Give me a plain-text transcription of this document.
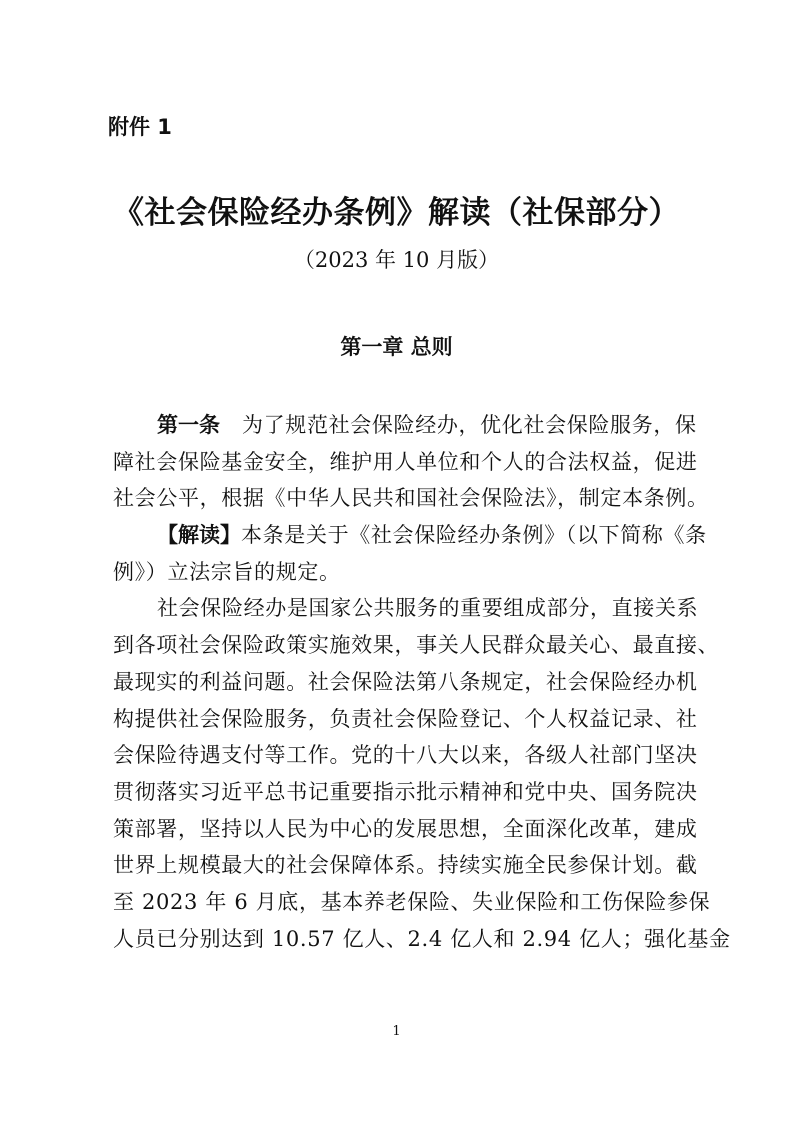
附件 1
《社会保险经办条例》解读（社保部分）
（2023 年 10 月版）
第一章 总则
第一条 为了规范社会保险经办，优化社会保险服务，保
障社会保险基金安全，维护用人单位和个人的合法权益，促进
社会公平，根据《中华人民共和国社会保险法》，制定本条例。
【解读】本条是关于《社会保险经办条例》（以下简称《条
例》）立法宗旨的规定。
社会保险经办是国家公共服务的重要组成部分，直接关系
到各项社会保险政策实施效果，事关人民群众最关心、最直接、
最现实的利益问题。社会保险法第八条规定，社会保险经办机
构提供社会保险服务，负责社会保险登记、个人权益记录、社
会保险待遇支付等工作。党的十八大以来，各级人社部门坚决
贯彻落实习近平总书记重要指示批示精神和党中央、国务院决
策部署，坚持以人民为中心的发展思想，全面深化改革，建成
世界上规模最大的社会保障体系。持续实施全民参保计划。截
至 2023 年 6 月底，基本养老保险、失业保险和工伤保险参保
人员已分别达到 10.57 亿人、2.4 亿人和 2.94 亿人；强化基金
1
